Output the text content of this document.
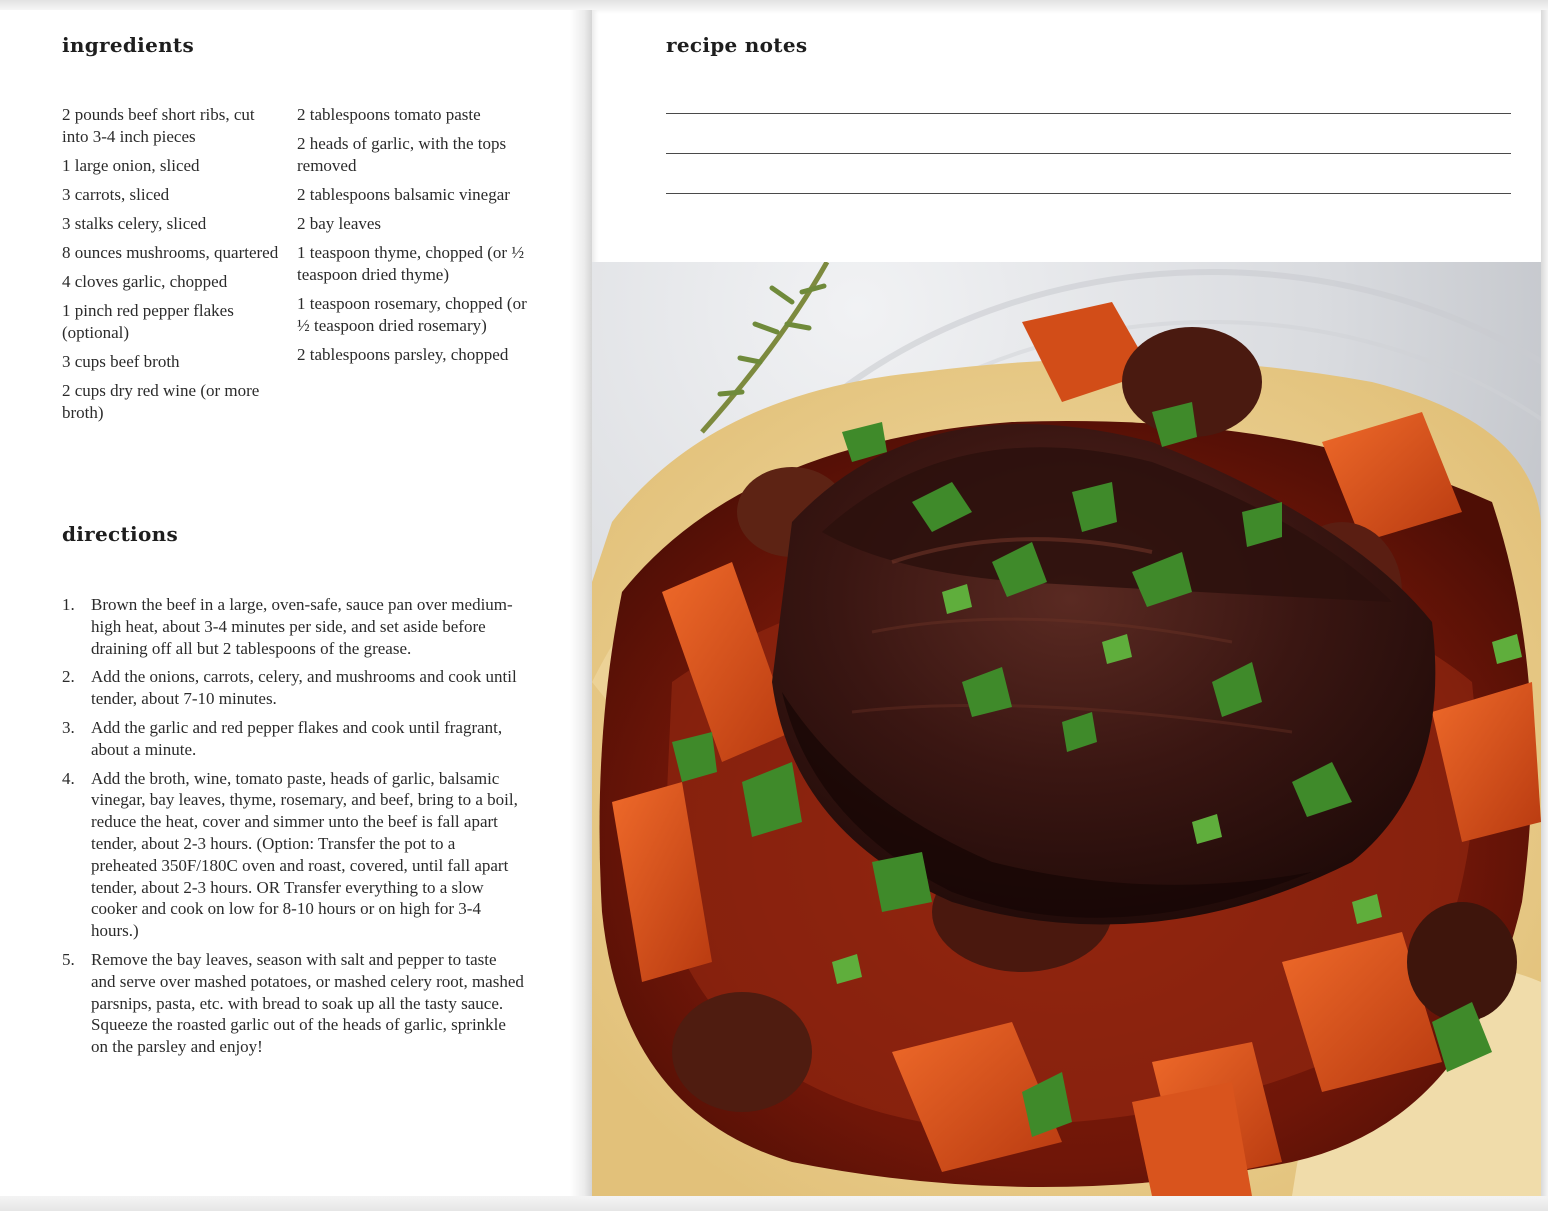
ingredients
2 pounds beef short ribs, cut into 3-4 inch pieces
1 large onion, sliced
3 carrots, sliced
3 stalks celery, sliced
8 ounces mushrooms, quartered
4 cloves garlic, chopped
1 pinch red pepper flakes (optional)
3 cups beef broth
2 cups dry red wine (or more broth)
2 tablespoons tomato paste
2 heads of garlic, with the tops removed
2 tablespoons balsamic vinegar
2 bay leaves
1 teaspoon thyme, chopped (or ½ teaspoon dried thyme)
1 teaspoon rosemary, chopped (or ½ teaspoon dried rosemary)
2 tablespoons parsley, chopped
directions
1. Brown the beef in a large, oven-safe, sauce pan over medium-high heat, about 3-4 minutes per side, and set aside before draining off all but 2 tablespoons of the grease.
2. Add the onions, carrots, celery, and mushrooms and cook until tender, about 7-10 minutes.
3. Add the garlic and red pepper flakes and cook until fragrant, about a minute.
4. Add the broth, wine, tomato paste, heads of garlic, balsamic vinegar, bay leaves, thyme, rosemary, and beef, bring to a boil, reduce the heat, cover and simmer unto the beef is fall apart tender, about 2-3 hours. (Option: Transfer the pot to a preheated 350F/180C oven and roast, covered, until fall apart tender, about 2-3 hours. OR Transfer everything to a slow cooker and cook on low for 8-10 hours or on high for 3-4 hours.)
5. Remove the bay leaves, season with salt and pepper to taste and serve over mashed potatoes, or mashed celery root, mashed parsnips, pasta, etc. with bread to soak up all the tasty sauce. Squeeze the roasted garlic out of the heads of garlic, sprinkle on the parsley and enjoy!
recipe notes
